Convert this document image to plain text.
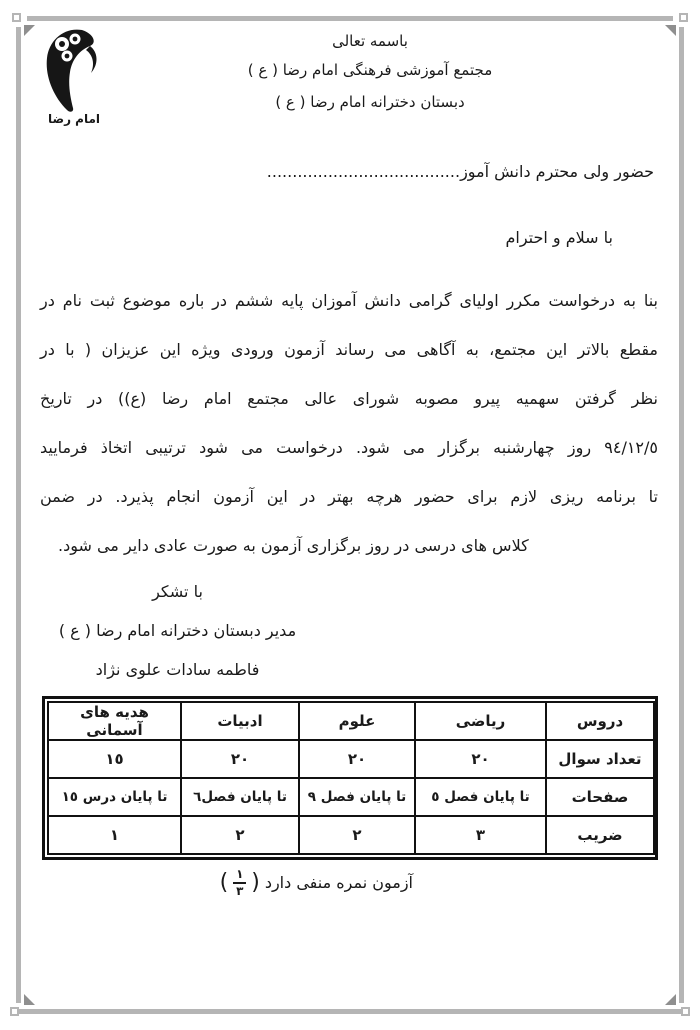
امام رضا
باسمه تعالی
مجتمع آموزشی فرهنگی امام رضا ( ع )
دبستان دخترانه امام رضا ( ع )
حضور ولی محترم دانش آموز......................................
با سلام و احترام
بنا به درخواست مکرر اولیای گرامی دانش آموزان پایه ششم در باره موضوع ثبت نام در
مقطع بالاتر این مجتمع، به آگاهی می رساند آزمون ورودی ویژه این عزیزان ( با در
نظر گرفتن سهمیه پیرو مصوبه شورای عالی مجتمع امام رضا (ع)) در تاریخ
٩٤/١٢/٥ روز چهارشنبه برگزار می شود. درخواست می شود ترتیبی اتخاذ فرمایید
تا برنامه ریزی لازم برای حضور هرچه بهتر در این آزمون انجام پذیرد. در ضمن
کلاس های درسی در روز برگزاری آزمون به صورت عادی دایر می شود.
با تشکر
مدیر دبستان دخترانه امام رضا ( ع )
فاطمه سادات علوی نژاد
دروس	ریاضی	علوم	ادبیات	هدیه های آسمانی
تعداد سوال	٢٠	٢٠	٢٠	١٥
صفحات	تا پایان فصل ٥	تا پایان فصل ٩	تا پایان فصل٦	تا پایان درس ١٥
ضریب	٣	٢	٢	١
آزمون نمره منفی دارد
)
$\frac{١}{٣}$
(
